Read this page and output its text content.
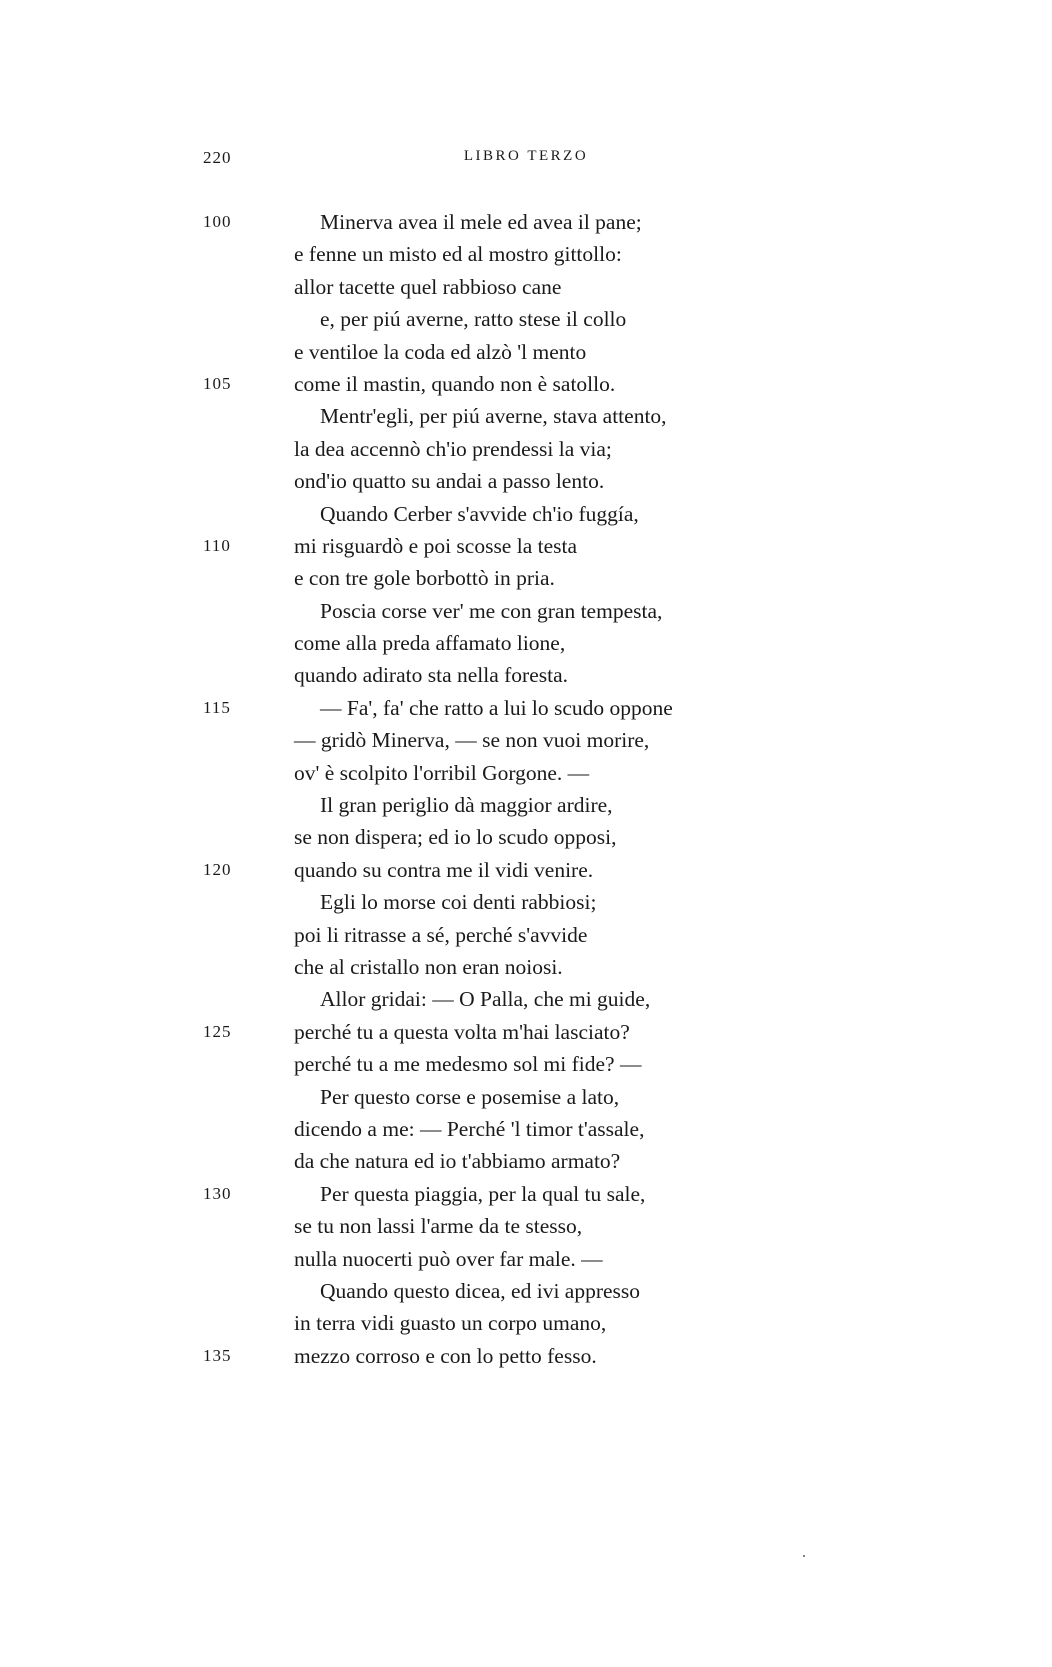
220	LIBRO TERZO
100	Minerva avea il mele ed avea il pane;
e fenne un misto ed al mostro gittollo:
allor tacette quel rabbioso cane
e, per piú averne, ratto stese il collo
e ventiloe la coda ed alzò 'l mento
105	come il mastin, quando non è satollo.
Mentr'egli, per piú averne, stava attento,
la dea accennò ch'io prendessi la via;
ond'io quatto su andai a passo lento.
Quando Cerber s'avvide ch'io fuggía,
110	mi risguardò e poi scosse la testa
e con tre gole borbottò in pria.
Poscia corse ver' me con gran tempesta,
come alla preda affamato lione,
quando adirato sta nella foresta.
115	— Fa', fa' che ratto a lui lo scudo oppone
— gridò Minerva, — se non vuoi morire,
ov' è scolpito l'orribil Gorgone. —
Il gran periglio dà maggior ardire,
se non dispera; ed io lo scudo opposi,
120	quando su contra me il vidi venire.
Egli lo morse coi denti rabbiosi;
poi li ritrasse a sé, perché s'avvide
che al cristallo non eran noiosi.
Allor gridai: — O Palla, che mi guide,
125	perché tu a questa volta m'hai lasciato?
perché tu a me medesmo sol mi fide? —
Per questo corse e posemise a lato,
dicendo a me: — Perché 'l timor t'assale,
da che natura ed io t'abbiamo armato?
130	Per questa piaggia, per la qual tu sale,
se tu non lassi l'arme da te stesso,
nulla nuocerti può over far male. —
Quando questo dicea, ed ivi appresso
in terra vidi guasto un corpo umano,
135	mezzo corroso e con lo petto fesso.
